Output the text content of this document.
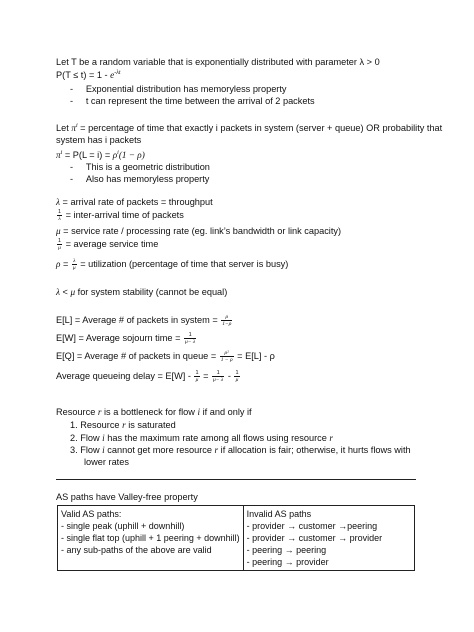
Let T be a random variable that is exponentially distributed with parameter λ > 0
$P(T \le t) = 1 - e^{-\lambda t}$
-     Exponential distribution has memoryless property
-     t can represent the time between the arrival of 2 packets
Let $\pi^i$ = percentage of time that exactly i packets in system (server + queue) OR probability that
system has i packets
$\pi^i = P(L = i) = \rho^i(1 - \rho)$
-     This is a geometric distribution
-     Also has memoryless property
λ = arrival rate of packets = throughput
$\frac{1}{\lambda}$ = inter-arrival time of packets
μ = service rate / processing rate (eg. link’s bandwidth or link capacity)
$\frac{1}{\mu}$ = average service time
$\rho = \frac{\lambda}{\mu}$ = utilization (percentage of time that server is busy)
λ < μ for system stability (cannot be equal)
E[L] = Average # of packets in system = $\frac{\rho}{1-\rho}$
E[W] = Average sojourn time = $\frac{1}{\mu- \lambda}$
E[Q] = Average # of packets in queue = $\frac{\text{ρ²}}{1 - \rho} = E[L] - \rho$
Average queueing delay = $E[W] - \frac{1}{\mu} = \frac{1}{\mu- \lambda} - \frac{1}{\mu}$
Resource r is a bottleneck for flow i if and only if
1. Resource r is saturated
2. Flow i has the maximum rate among all flows using resource r
3. Flow i cannot get more resource r if allocation is fair; otherwise, it hurts flows with
lower rates
AS paths have Valley-free property
Valid AS paths:
- single peak (uphill + downhill)
- single flat top (uphill + 1 peering + downhill)
- any sub-paths of the above are valid

Invalid AS paths
- provider → customer →peering
- provider → customer → provider
- peering → peering
- peering → provider
